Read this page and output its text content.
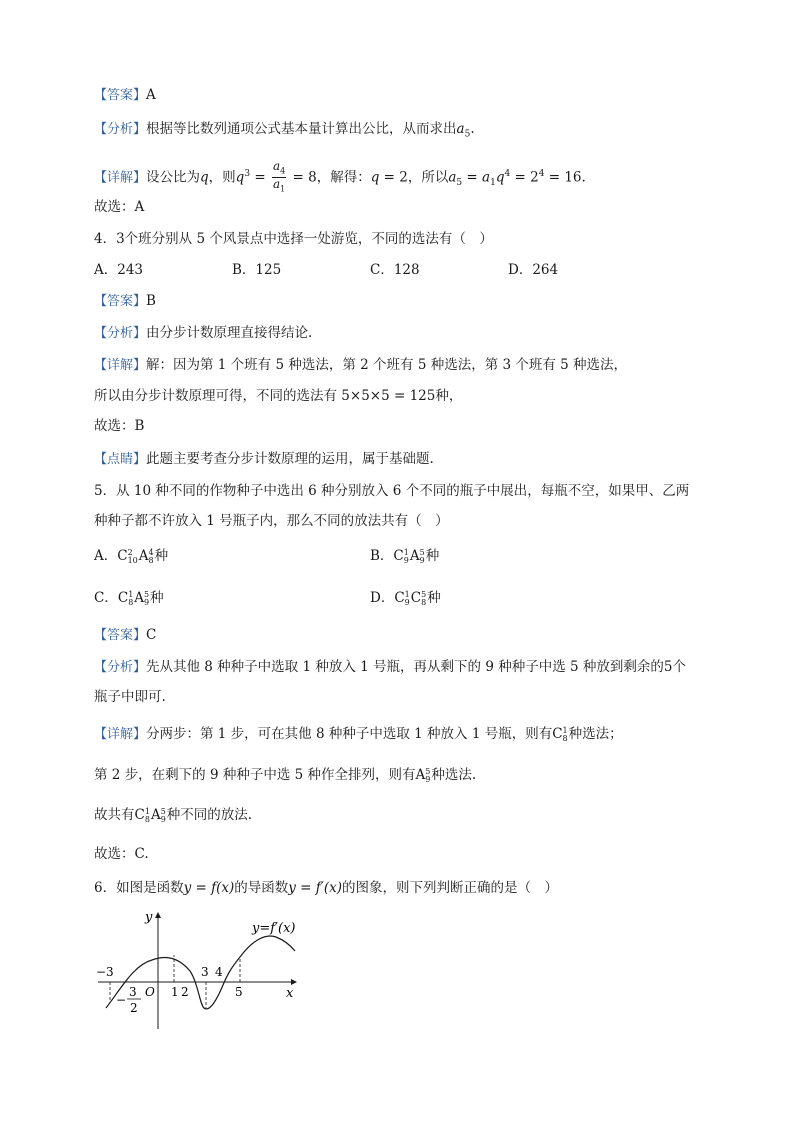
【答案】A
【分析】根据等比数列通项公式基本量计算出公比，从而求出$a_5$.
【详解】设公比为q，则$q^3 = \frac{a_4}{a_1} = 8$，解得：q = 2，所以$a_5 = a_1q^4 = 2^4 = 16$.
故选：A
4．3个班分别从 5 个风景点中选择一处游览，不同的选法有（　）
A．243	B．125	C．128	D．264
【答案】B
【分析】由分步计数原理直接得结论.
【详解】解：因为第 1 个班有 5 种选法，第 2 个班有 5 种选法，第 3 个班有 5 种选法，
所以由分步计数原理可得，不同的选法有 5×5×5 = 125种，
故选：B
【点睛】此题主要考查分步计数原理的运用，属于基础题.
5．从 10 种不同的作物种子中选出 6 种分别放入 6 个不同的瓶子中展出，每瓶不空，如果甲、乙两
种种子都不许放入 1 号瓶子内，那么不同的放法共有（　）
A．C 2
10 A 4
8 种	B．C 1
9 A 5
9 种
C．C 1
8 A 5
9 种	D．C 1
9 C 5
8 种
【答案】C
【分析】先从其他 8 种种子中选取 1 种放入 1 号瓶，再从剩下的 9 种种子中选 5 种放到剩余的5个
瓶子中即可.
【详解】分两步：第 1 步，可在其他 8 种种子中选取 1 种放入 1 号瓶，则有C 1
8 种选法；
第 2 步，在剩下的 9 种种子中选 5 种作全排列，则有A 5
9 种选法.
故共有C 1
8 A 5
9 种不同的放法.
故选：C.
6．如图是函数y = f(x)的导函数y = f′(x)的图象，则下列判断正确的是（　）
y
x
y=f′(x)
O
−3
−
3
2
1 2
3 4
5
